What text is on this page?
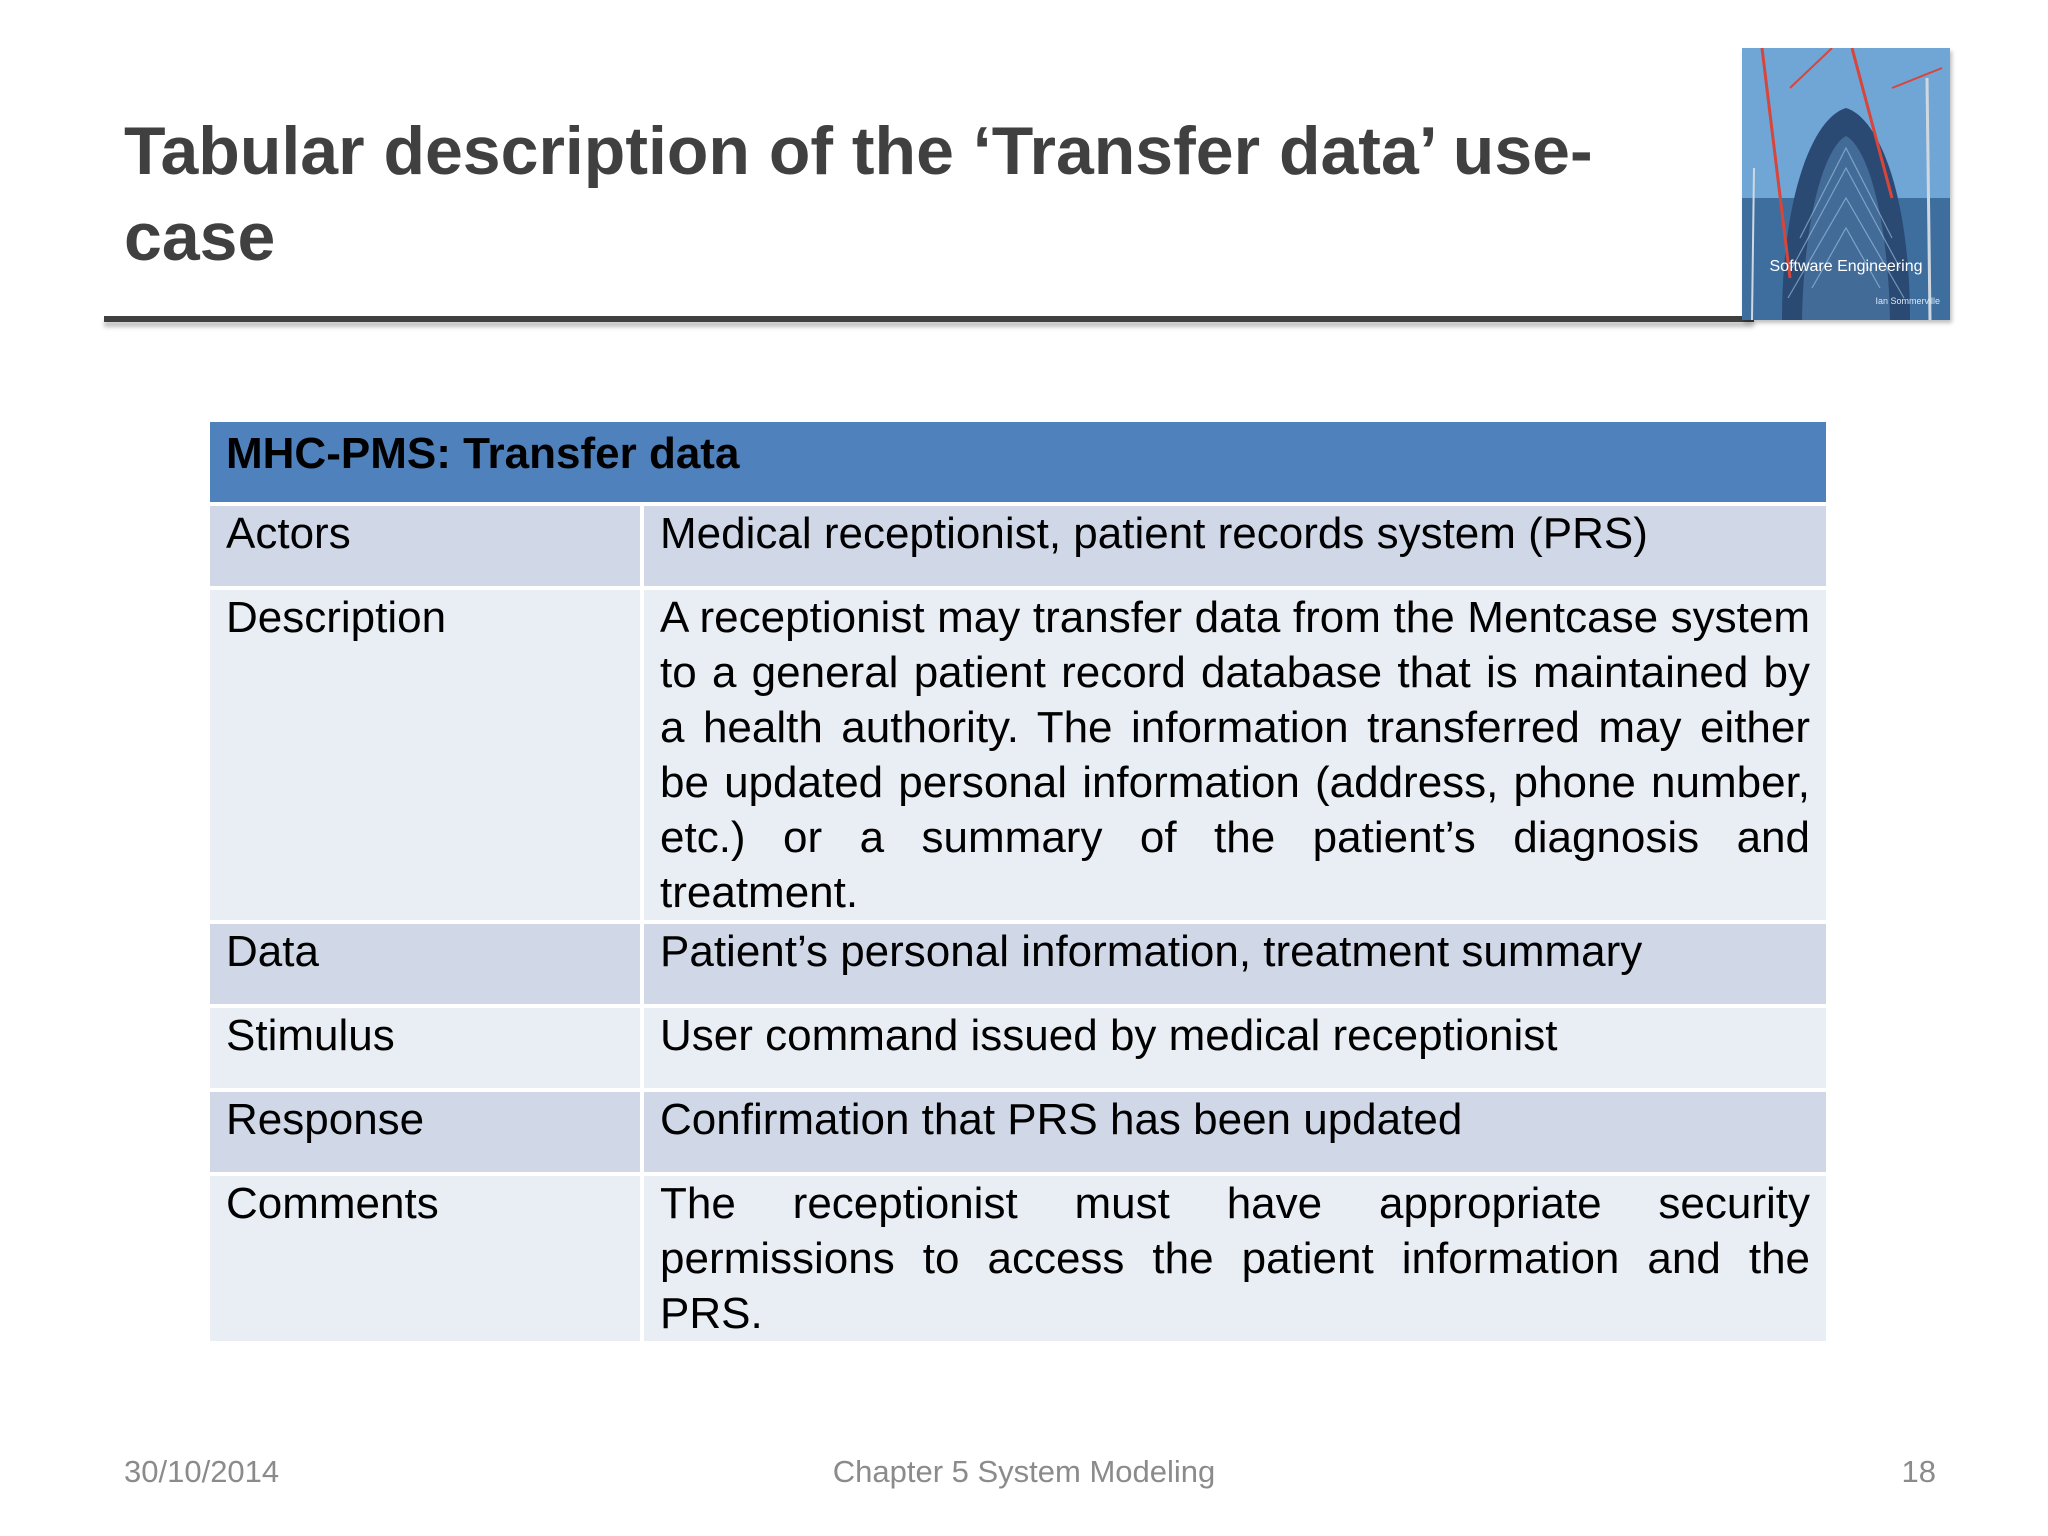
Tabular description of the ‘Transfer data’ use-case	Software Engineering
Ian Sommerville
MHC-PMS: Transfer data	
Actors	Medical receptionist, patient records system (PRS)
Description	A receptionist may transfer data from the Mentcase system to a general patient record database that is maintained by a health authority. The information transferred may either be updated personal information (address, phone number, etc.) or a summary of the patient’s diagnosis and treatment.
Data	Patient’s personal information, treatment summary
Stimulus	User command issued by medical receptionist
Response	Confirmation that PRS has been updated
Comments	The receptionist must have appropriate security permissions to access the patient information and the PRS.
30/10/2014	Chapter 5 System Modeling	18
